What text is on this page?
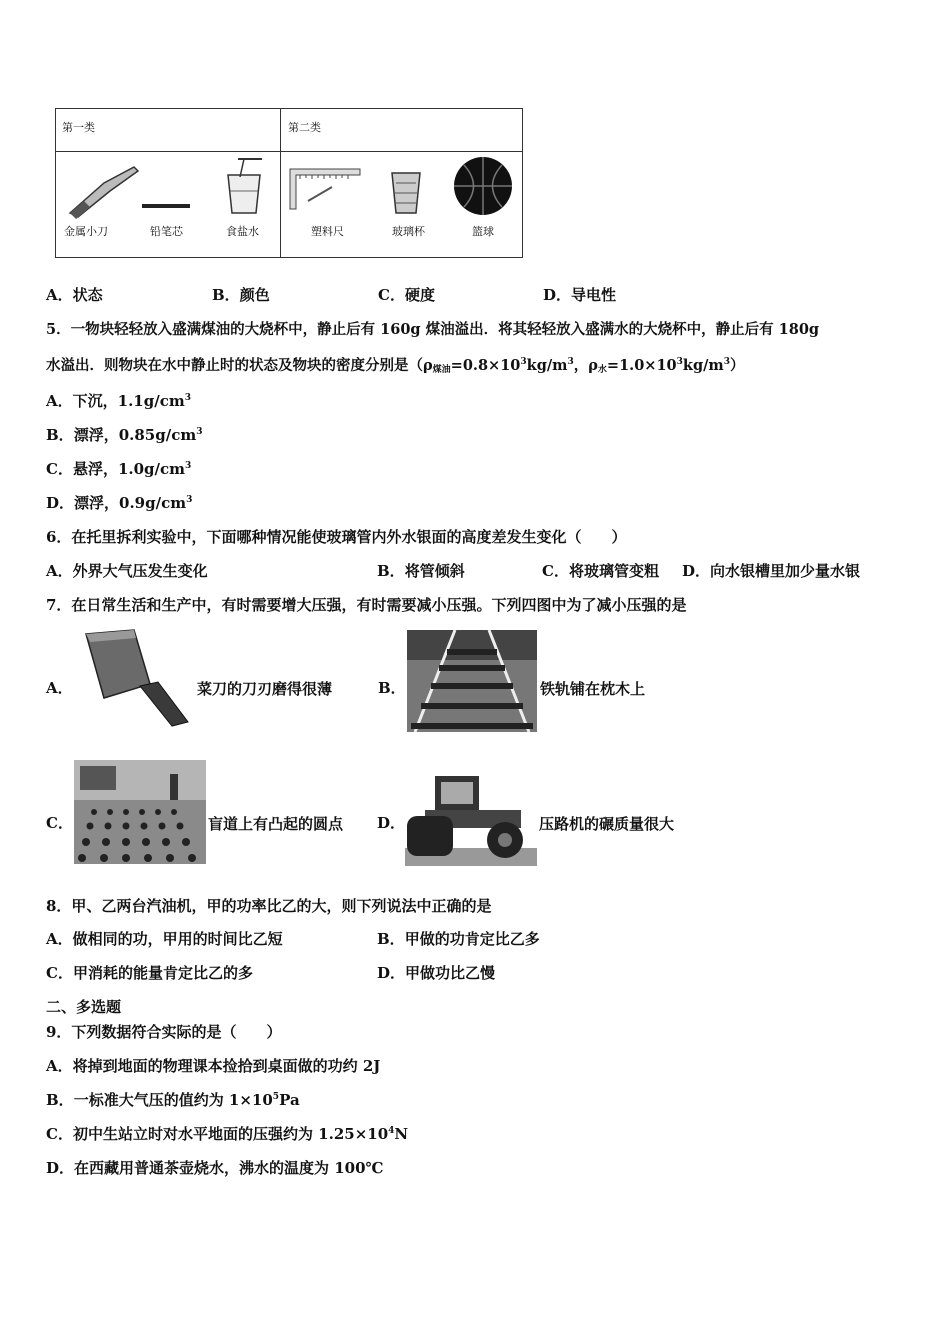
第一类	第二类
金属小刀	铅笔芯	食盐水	塑料尺	玻璃杯	篮球
A．状态	B．颜色	C．硬度	D．导电性
5．一物块轻轻放入盛满煤油的大烧杯中，静止后有 160g 煤油溢出．将其轻轻放入盛满水的大烧杯中，静止后有 180g
水溢出．则物块在水中静止时的状态及物块的密度分别是（$\rho_{煤油}=0.8\times 10^3kg/m^3$，$\rho_水=1.0\times 10^3kg/m^3$）
A．下沉，$1.1g/cm^3$
B．漂浮，$0.85g/cm^3$
C．悬浮，$1.0g/cm^3$
D．漂浮，$0.9g/cm^3$
6．在托里拆利实验中，下面哪种情况能使玻璃管内外水银面的高度差发生变化（　　）
A．外界大气压发生变化	B．将管倾斜	C．将玻璃管变粗 D．向水银槽里加少量水银
7．在日常生活和生产中，有时需要增大压强，有时需要减小压强。下列四图中为了减小压强的是
A．	菜刀的刀刃磨得很薄	B．	铁轨铺在枕木上
C．	盲道上有凸起的圆点 D．	压路机的碾质量很大
8．甲、乙两台汽油机，甲的功率比乙的大，则下列说法中正确的是
A．做相同的功，甲用的时间比乙短	B．甲做的功肯定比乙多
C．甲消耗的能量肯定比乙的多	D．甲做功比乙慢
二、多选题
9．下列数据符合实际的是（　　）
A．将掉到地面的物理课本捡拾到桌面做的功约 2J
B．一标准大气压的值约为 $1\times 10^5Pa$
C．初中生站立时对水平地面的压强约为 $1.25\times 10^4N$
D．在西藏用普通茶壶烧水，沸水的温度为 100℃
